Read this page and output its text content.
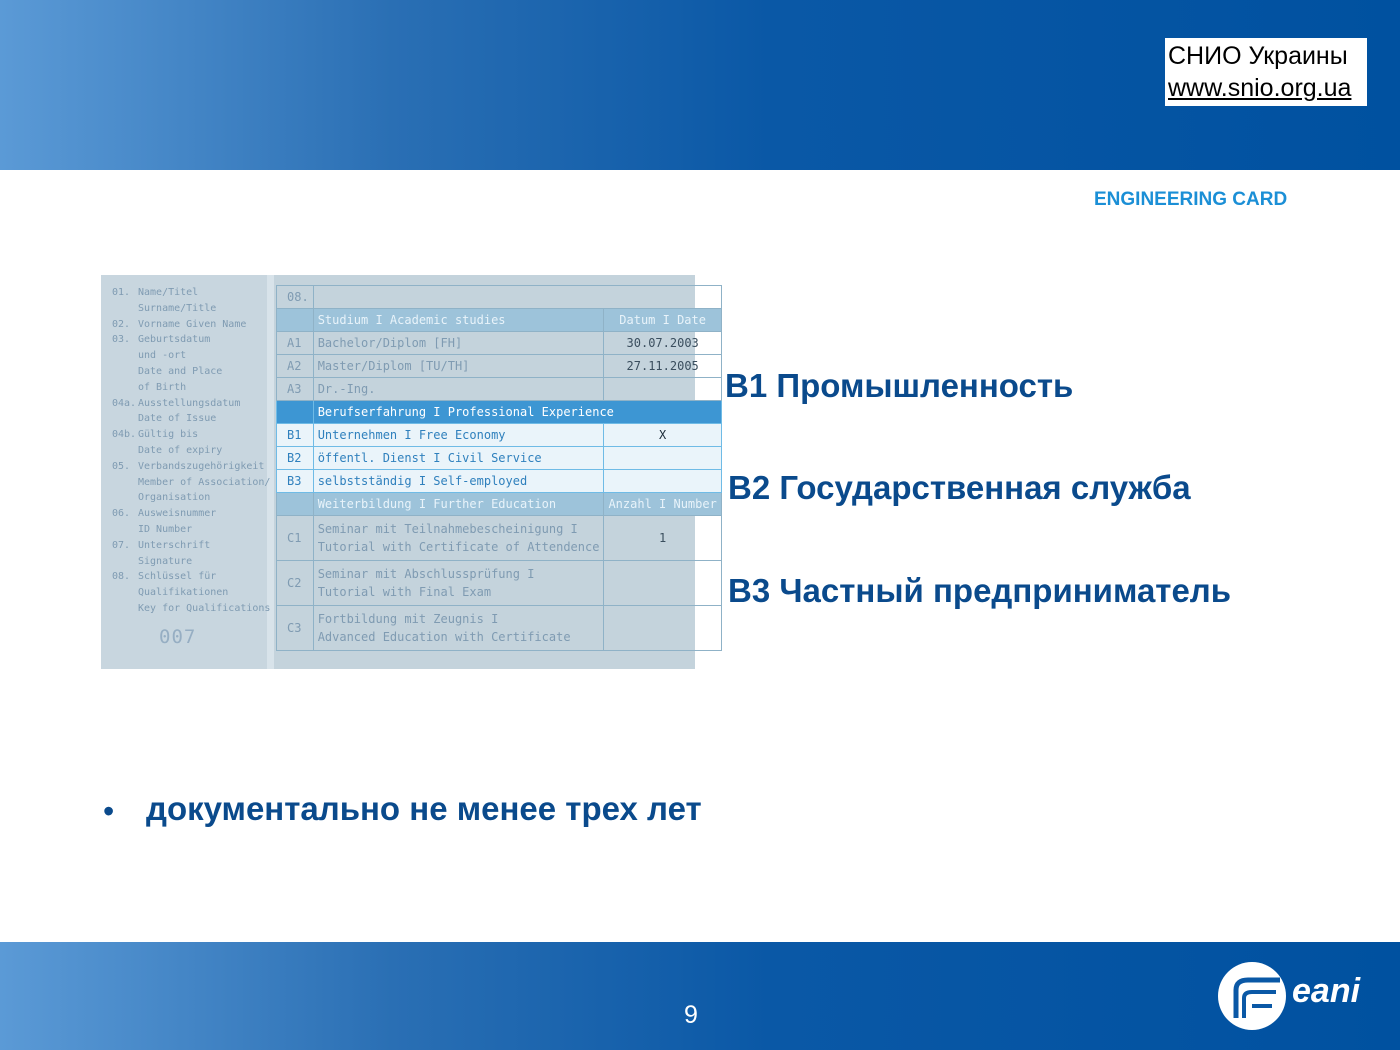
СНИО Украины
www.snio.org.ua
ENGINEERING CARD
01. Name/Titel
Surname/Title
02. Vorname Given Name
03. Geburtsdatum
und -ort
Date and Place
of Birth
04a. Ausstellungsdatum
Date of Issue
04b. Gültig bis
Date of expiry
05. Verbandszugehörigkeit
Member of Association/
Organisation
06. Ausweisnummer
ID Number
07. Unterschrift
Signature
08. Schlüssel für
Qualifikationen
Key for Qualifications
007
08.		
	Studium I Academic studies	Datum I Date
A1	Bachelor/Diplom [FH]	30.07.2003
A2	Master/Diplom [TU/TH]	27.11.2005
A3	Dr.-Ing.	
	Berufserfahrung I Professional Experience	
B1	Unternehmen I Free Economy	X
B2	öffentl. Dienst I Civil Service	
B3	selbstständig I Self-employed	
	Weiterbildung I Further Education	Anzahl I Number
C1	Seminar mit Teilnahmebescheinigung I
Tutorial with Certificate of Attendence	1
C2	Seminar mit Abschlussprüfung I
Tutorial with Final Exam	
C3	Fortbildung mit Zeugnis I
Advanced Education with Certificate	
B1 Промышленность
B2 Государственная служба
B3 Частный предприниматель
• документально не менее трех лет
9
eani
